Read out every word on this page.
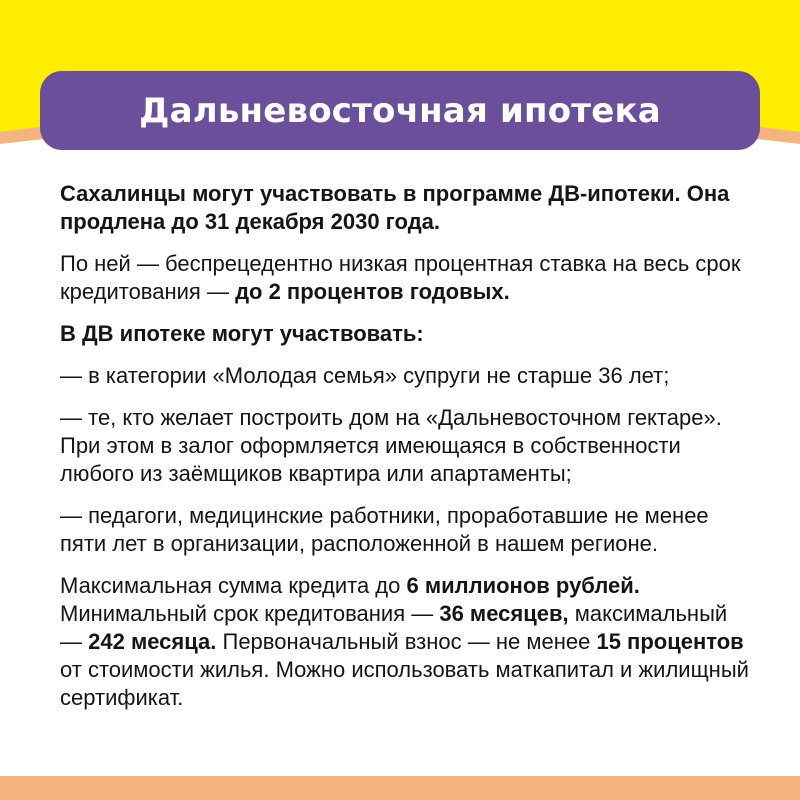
Дальневосточная ипотека

Сахалинцы могут участвовать в программе ДВ-ипотеки. Она продлена до 31 декабря 2030 года.

По ней — беспрецедентно низкая процентная ставка на весь срок кредитования — до 2 процентов годовых.

В ДВ ипотеке могут участвовать:

— в категории «Молодая семья» супруги не старше 36 лет;

— те, кто желает построить дом на «Дальневосточном гектаре». При этом в залог оформляется имеющаяся в собственности любого из заёмщиков квартира или апартаменты;

— педагоги, медицинские работники, проработавшие не менее пяти лет в организации, расположенной в нашем регионе.

Максимальная сумма кредита до 6 миллионов рублей. Минимальный срок кредитования — 36 месяцев, максимальный — 242 месяца. Первоначальный взнос — не менее 15 процентов от стоимости жилья. Можно использовать маткапитал и жилищный сертификат.
